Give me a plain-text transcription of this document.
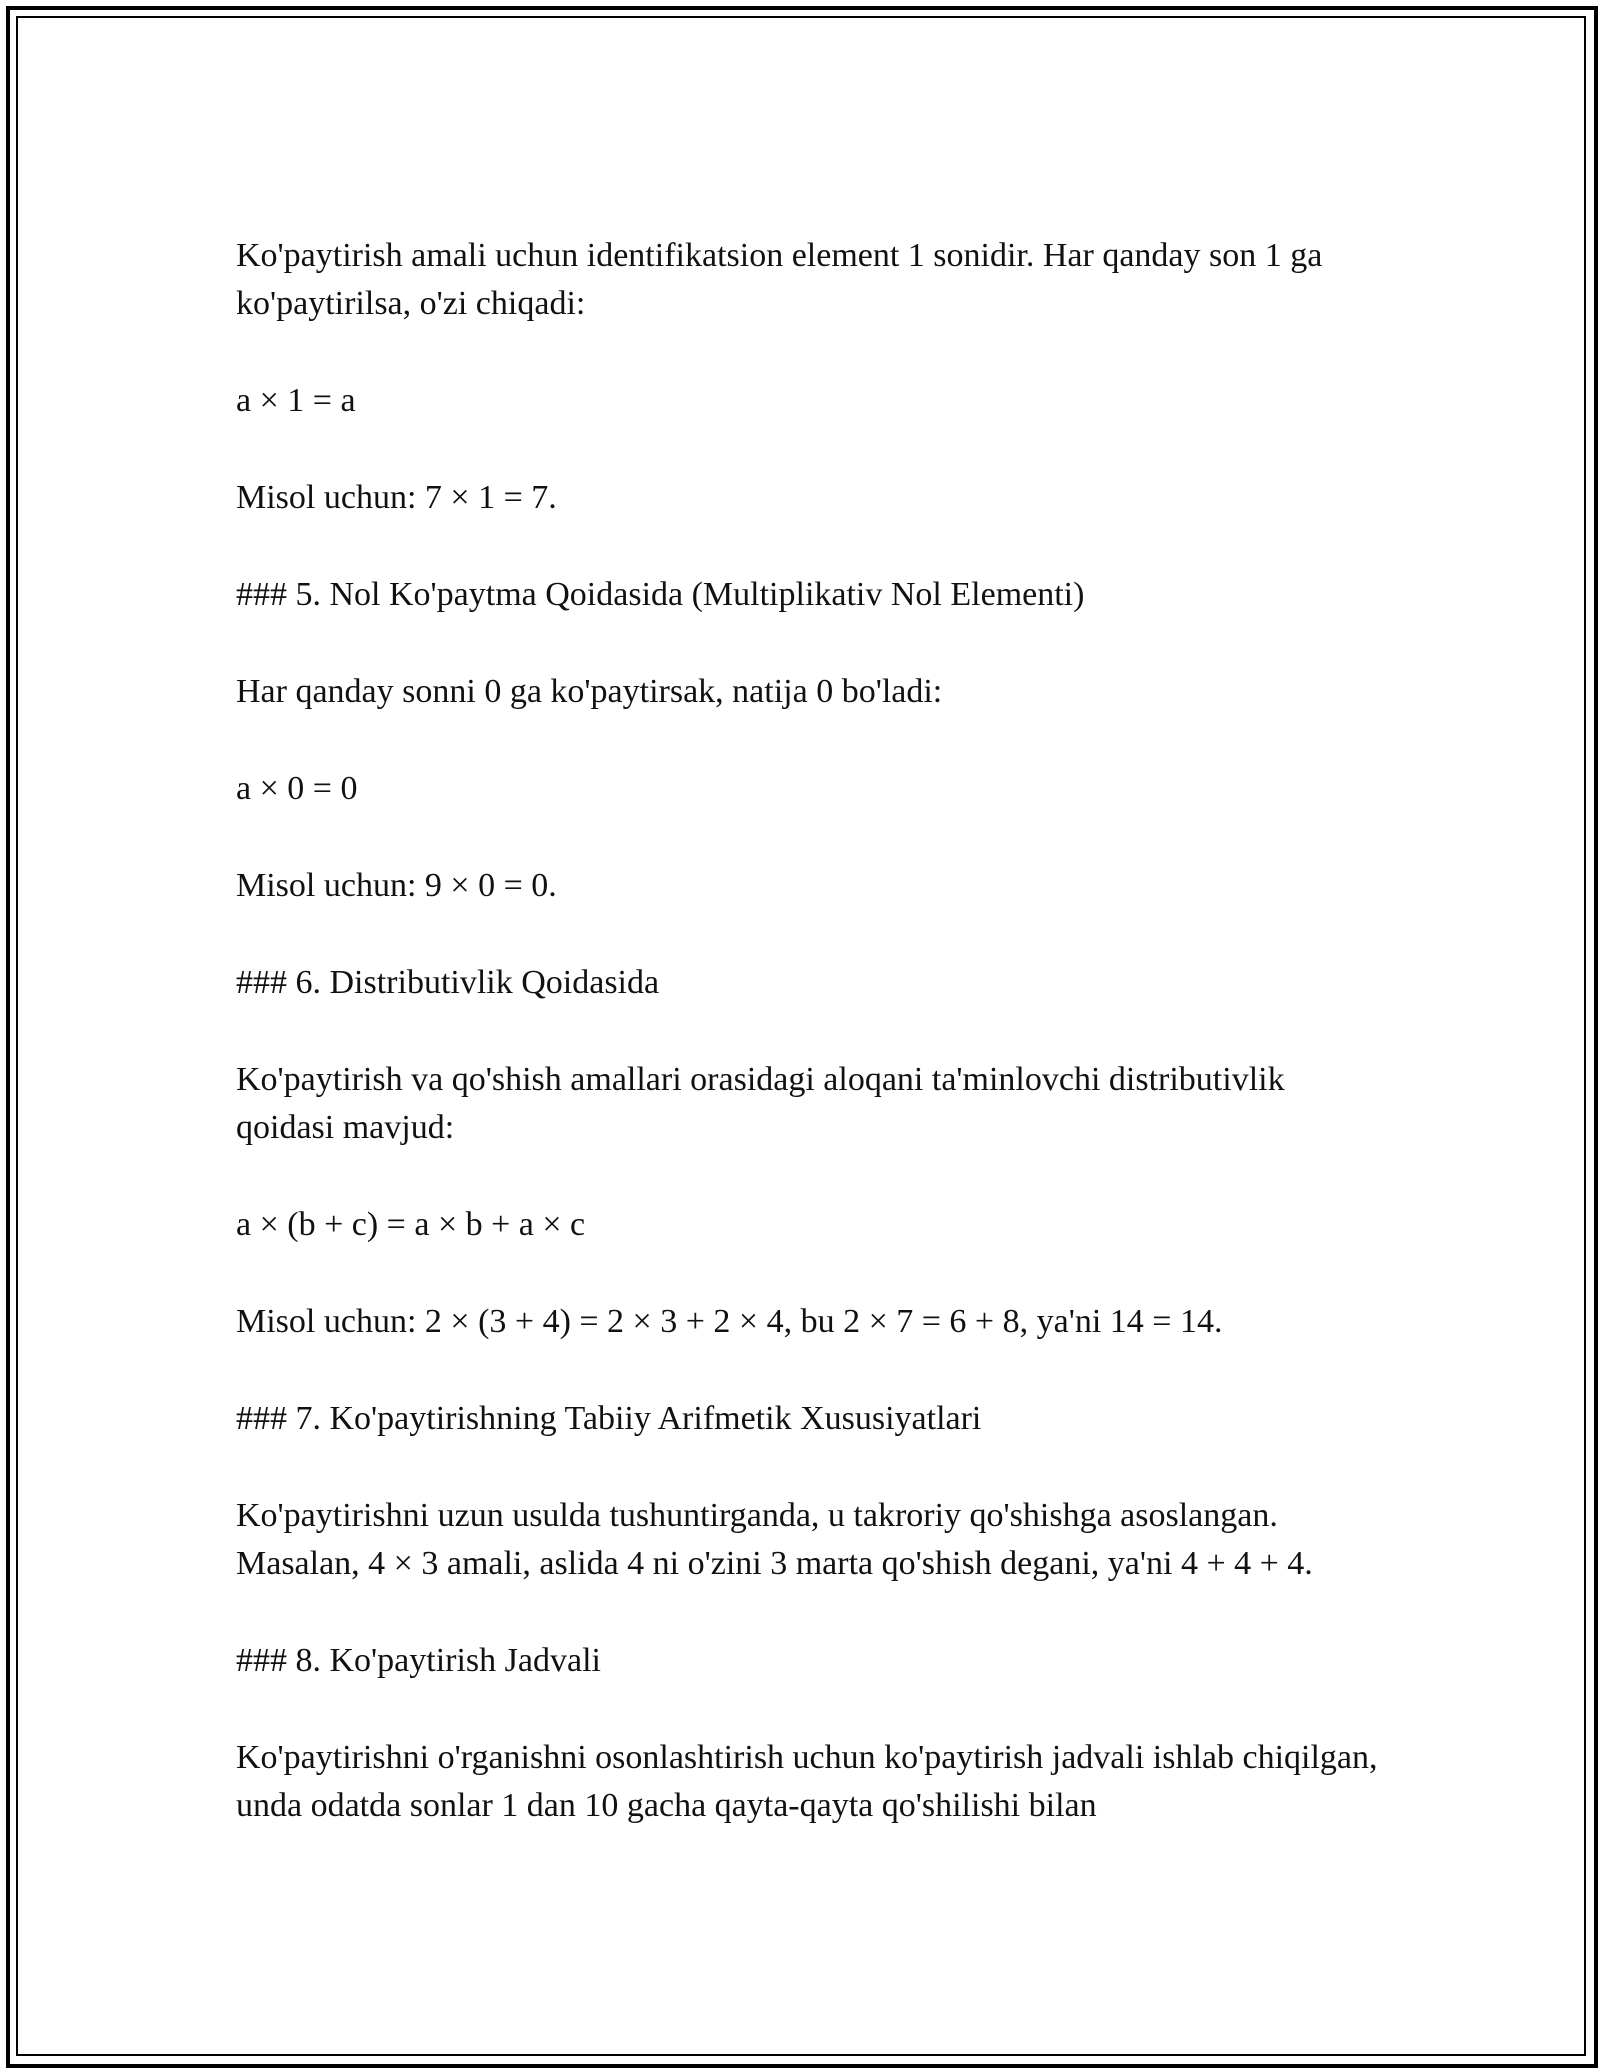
Ko'paytirish amali uchun identifikatsion element 1 sonidir. Har qanday son 1 ga ko'paytirilsa, o'zi chiqadi:

a × 1 = a

Misol uchun: 7 × 1 = 7.

### 5. Nol Ko'paytma Qoidasida (Multiplikativ Nol Elementi)

Har qanday sonni 0 ga ko'paytirsak, natija 0 bo'ladi:

a × 0 = 0

Misol uchun: 9 × 0 = 0.

### 6. Distributivlik Qoidasida

Ko'paytirish va qo'shish amallari orasidagi aloqani ta'minlovchi distributivlik qoidasi mavjud:

a × (b + c) = a × b + a × c

Misol uchun: 2 × (3 + 4) = 2 × 3 + 2 × 4, bu 2 × 7 = 6 + 8, ya'ni 14 = 14.

### 7. Ko'paytirishning Tabiiy Arifmetik Xususiyatlari

Ko'paytirishni uzun usulda tushuntirganda, u takroriy qo'shishga asoslangan. Masalan, 4 × 3 amali, aslida 4 ni o'zini 3 marta qo'shish degani, ya'ni 4 + 4 + 4.

### 8. Ko'paytirish Jadvali

Ko'paytirishni o'rganishni osonlashtirish uchun ko'paytirish jadvali ishlab chiqilgan, unda odatda sonlar 1 dan 10 gacha qayta-qayta qo'shilishi bilan
